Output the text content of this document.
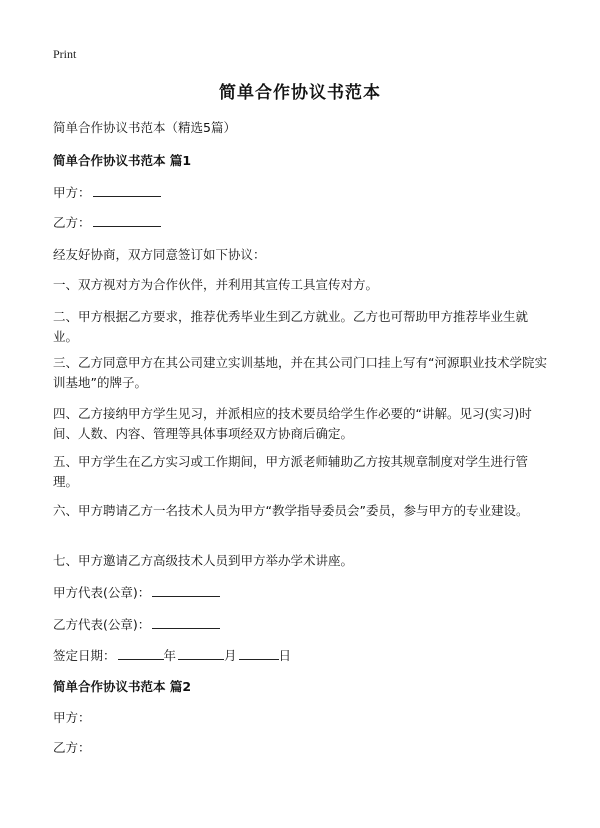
Print
简单合作协议书范本
简单合作协议书范本（精选5篇）
简单合作协议书范本 篇1
甲方：
乙方：
经友好协商，双方同意签订如下协议：
一、双方视对方为合作伙伴，并利用其宣传工具宣传对方。
二、甲方根据乙方要求，推荐优秀毕业生到乙方就业。乙方也可帮助甲方推荐毕业生就业。
三、乙方同意甲方在其公司建立实训基地，并在其公司门口挂上写有“河源职业技术学院实训基地”的牌子。
四、乙方接纳甲方学生见习，并派相应的技术要员给学生作必要的“讲解。见习(实习)时间、人数、内容、管理等具体事项经双方协商后确定。
五、甲方学生在乙方实习或工作期间，甲方派老师辅助乙方按其规章制度对学生进行管理。
六、甲方聘请乙方一名技术人员为甲方“教学指导委员会”委员，参与甲方的专业建设。
七、甲方邀请乙方高级技术人员到甲方举办学术讲座。
甲方代表(公章)：
乙方代表(公章)：
签定日期：	年	月	日
简单合作协议书范本 篇2
甲方：
乙方：
